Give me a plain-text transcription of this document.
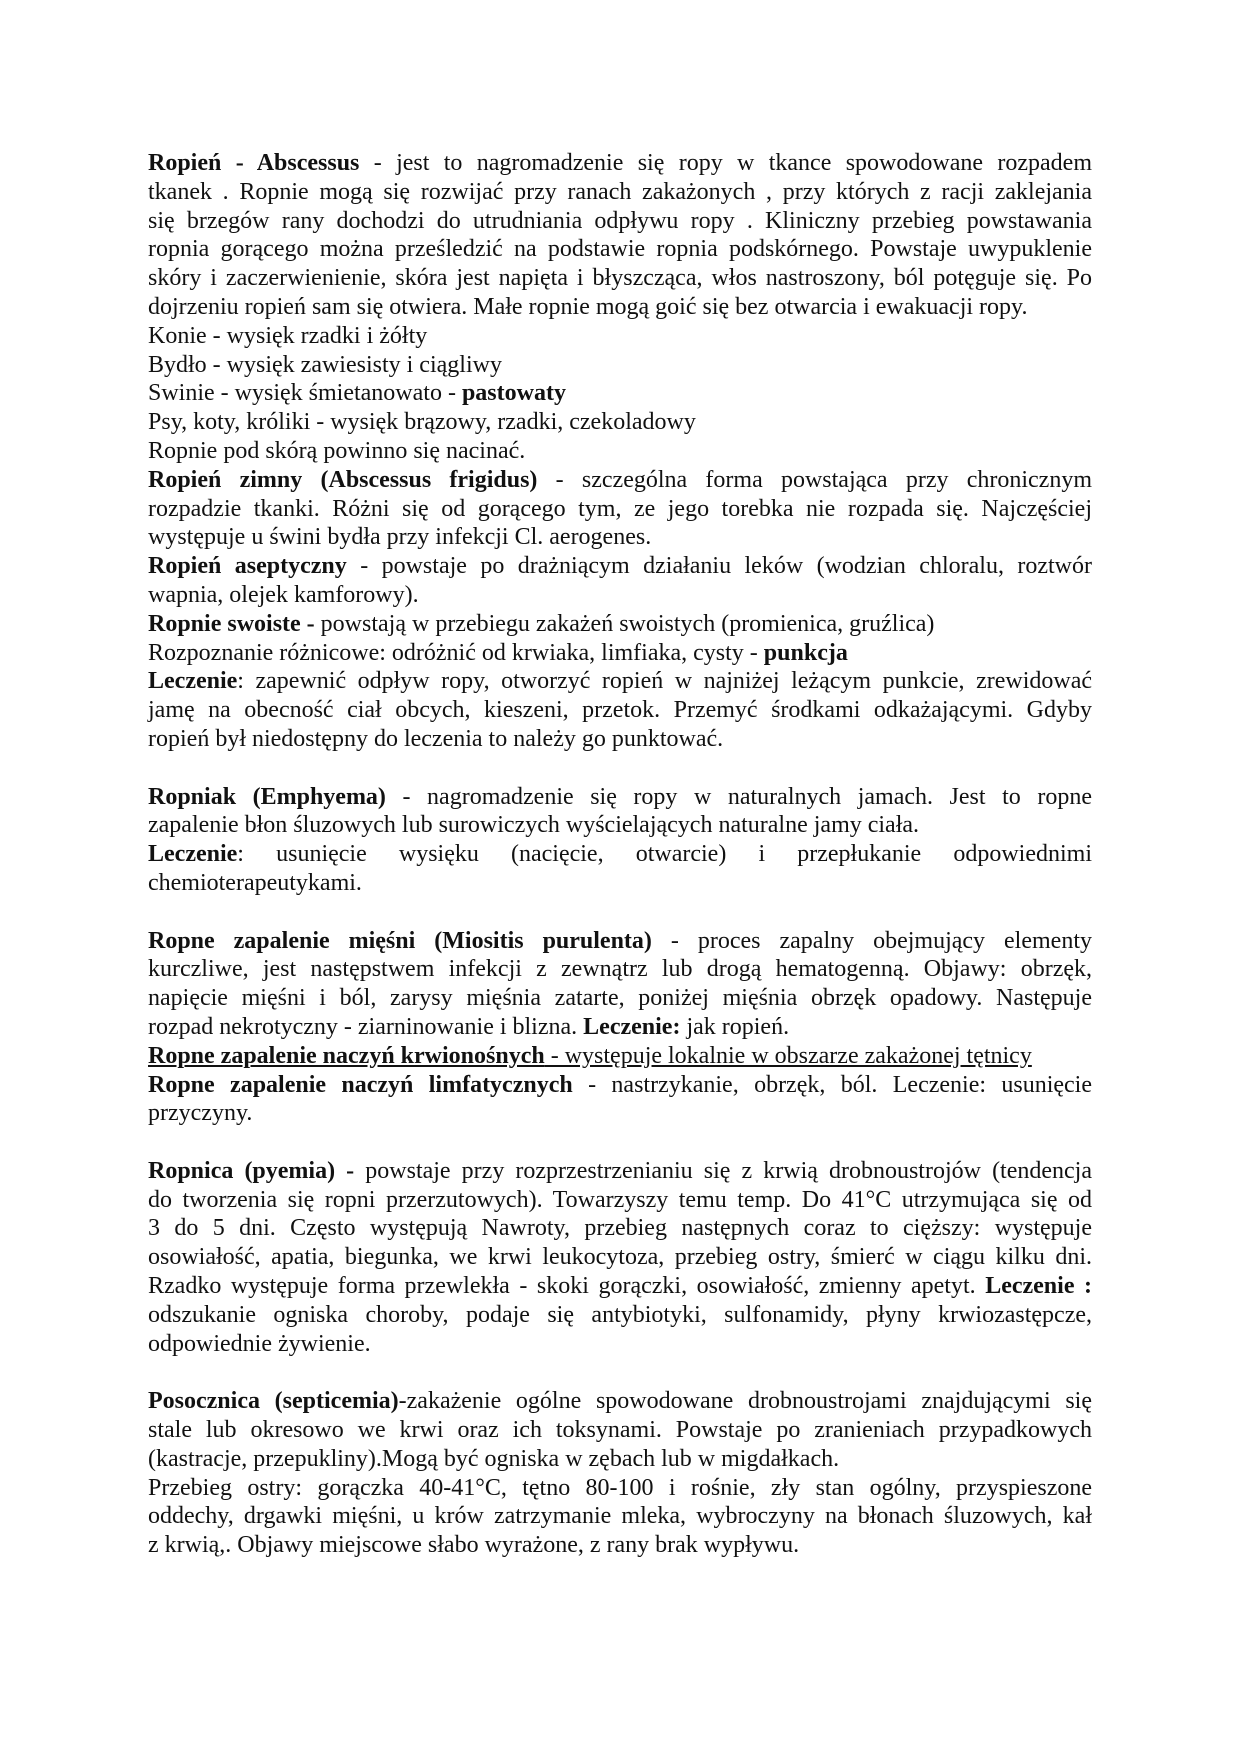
Ropień - Abscessus - jest to nagromadzenie się ropy w tkance spowodowane rozpadem
tkanek . Ropnie mogą się rozwijać przy ranach zakażonych , przy których z racji zaklejania
się brzegów rany dochodzi do utrudniania odpływu ropy . Kliniczny przebieg powstawania
ropnia gorącego można prześledzić na podstawie ropnia podskórnego. Powstaje uwypuklenie
skóry i zaczerwienienie, skóra jest napięta i błyszcząca, włos nastroszony, ból potęguje się. Po
dojrzeniu ropień sam się otwiera. Małe ropnie mogą goić się bez otwarcia i ewakuacji ropy.
Konie - wysięk rzadki i żółty
Bydło - wysięk zawiesisty i ciągliwy
Swinie - wysięk śmietanowato - pastowaty
Psy, koty, króliki - wysięk brązowy, rzadki, czekoladowy
Ropnie pod skórą powinno się nacinać.
Ropień zimny (Abscessus frigidus) - szczególna forma powstająca przy chronicznym
rozpadzie tkanki. Różni się od gorącego tym, ze jego torebka nie rozpada się. Najczęściej
występuje u świni bydła przy infekcji Cl. aerogenes.
Ropień aseptyczny - powstaje po drażniącym działaniu leków (wodzian chloralu, roztwór
wapnia, olejek kamforowy).
Ropnie swoiste - powstają w przebiegu zakażeń swoistych (promienica, gruźlica)
Rozpoznanie różnicowe: odróżnić od krwiaka, limfiaka, cysty - punkcja
Leczenie: zapewnić odpływ ropy, otworzyć ropień w najniżej leżącym punkcie, zrewidować
jamę na obecność ciał obcych, kieszeni, przetok. Przemyć środkami odkażającymi. Gdyby
ropień był niedostępny do leczenia to należy go punktować.
Ropniak (Emphyema) - nagromadzenie się ropy w naturalnych jamach. Jest to ropne
zapalenie błon śluzowych lub surowiczych wyścielających naturalne jamy ciała.
Leczenie: usunięcie wysięku (nacięcie, otwarcie) i przepłukanie odpowiednimi
chemioterapeutykami.
Ropne zapalenie mięśni (Miositis purulenta) - proces zapalny obejmujący elementy
kurczliwe, jest następstwem infekcji z zewnątrz lub drogą hematogenną. Objawy: obrzęk,
napięcie mięśni i ból, zarysy mięśnia zatarte, poniżej mięśnia obrzęk opadowy. Następuje
rozpad nekrotyczny - ziarninowanie i blizna. Leczenie: jak ropień.
Ropne zapalenie naczyń krwionośnych - występuje lokalnie w obszarze zakażonej tętnicy
Ropne zapalenie naczyń limfatycznych - nastrzykanie, obrzęk, ból. Leczenie: usunięcie
przyczyny.
Ropnica (pyemia) - powstaje przy rozprzestrzenianiu się z krwią drobnoustrojów (tendencja
do tworzenia się ropni przerzutowych). Towarzyszy temu temp. Do 41°C utrzymująca się od
3 do 5 dni. Często występują Nawroty, przebieg następnych coraz to cięższy: występuje
osowiałość, apatia, biegunka, we krwi leukocytoza, przebieg ostry, śmierć w ciągu kilku dni.
Rzadko występuje forma przewlekła - skoki gorączki, osowiałość, zmienny apetyt. Leczenie :
odszukanie ogniska choroby, podaje się antybiotyki, sulfonamidy, płyny krwiozastępcze,
odpowiednie żywienie.
Posocznica (septicemia)-zakażenie ogólne spowodowane drobnoustrojami znajdującymi się
stale lub okresowo we krwi oraz ich toksynami. Powstaje po zranieniach przypadkowych
(kastracje, przepukliny).Mogą być ogniska w zębach lub w migdałkach.
Przebieg ostry: gorączka 40-41°C, tętno 80-100 i rośnie, zły stan ogólny, przyspieszone
oddechy, drgawki mięśni, u krów zatrzymanie mleka, wybroczyny na błonach śluzowych, kał
z krwią,. Objawy miejscowe słabo wyrażone, z rany brak wypływu.
